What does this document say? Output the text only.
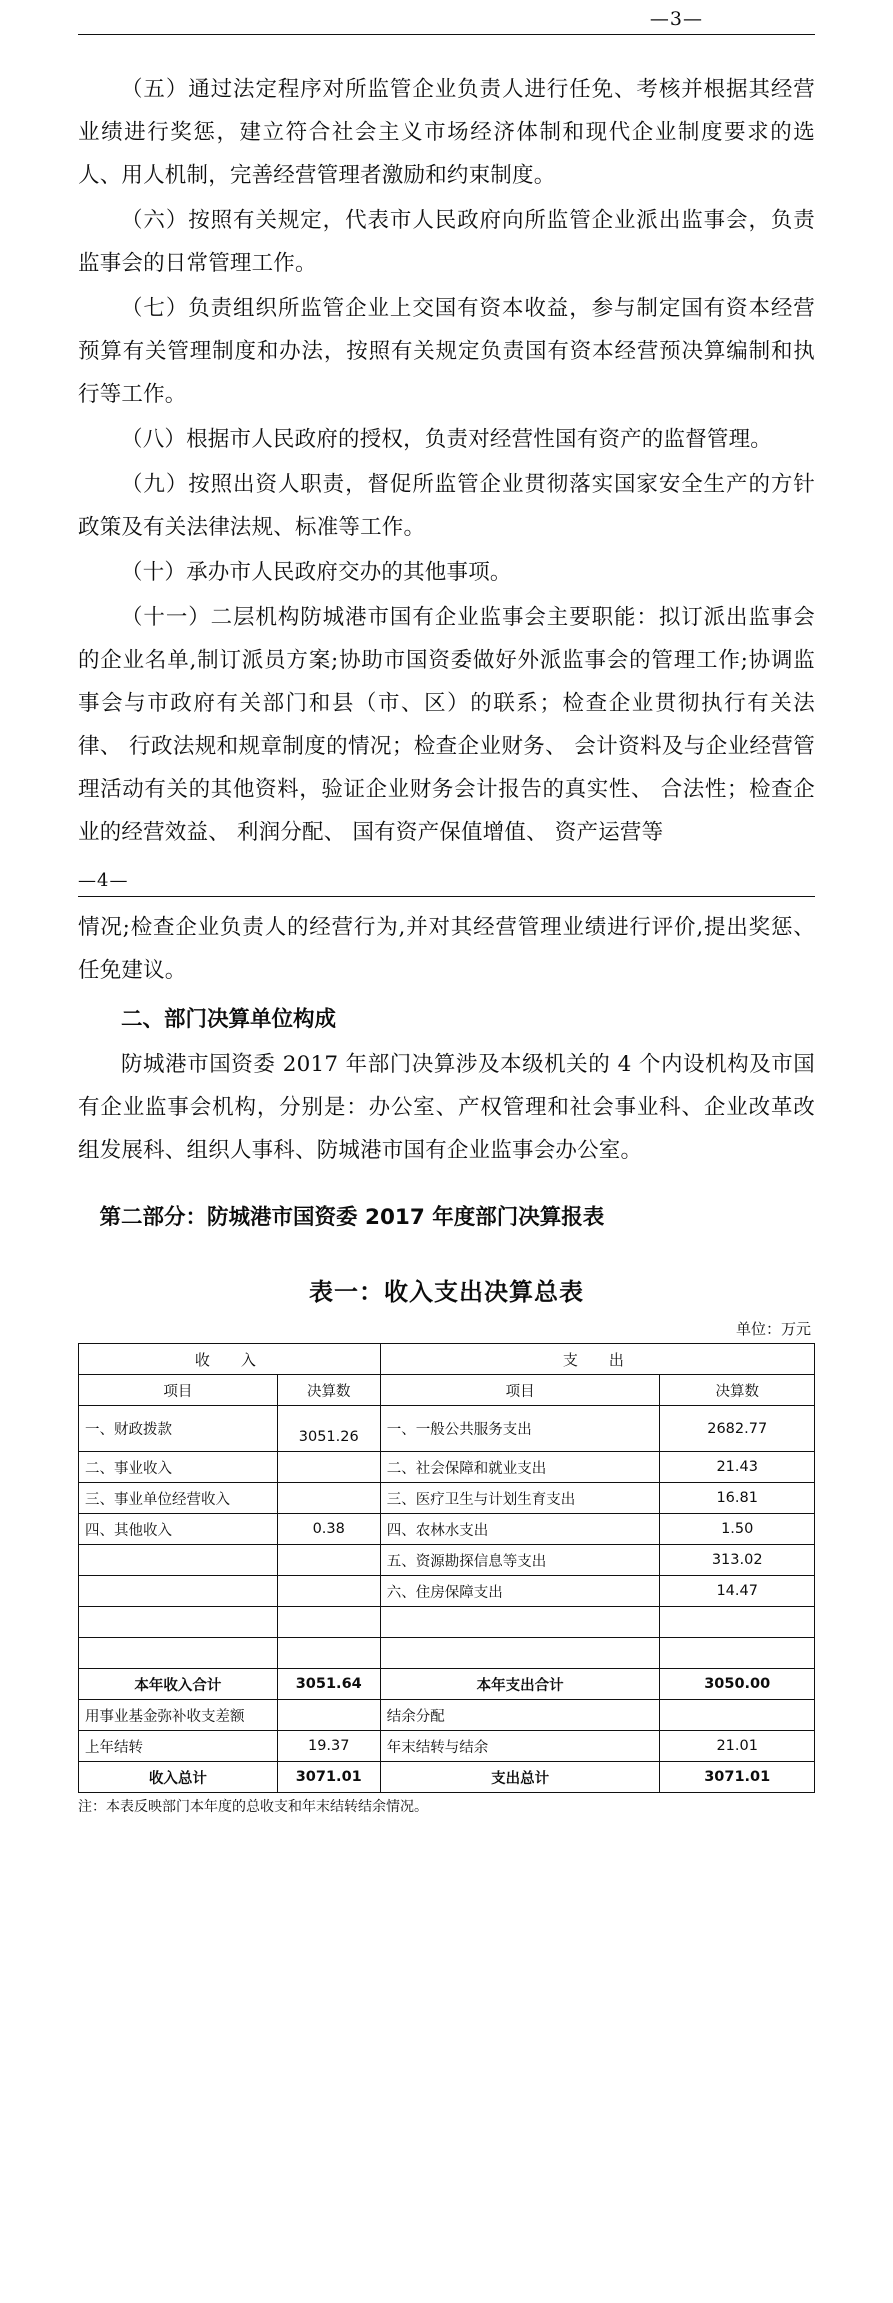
—3—

（五）通过法定程序对所监管企业负责人进行任免、考核并根据其经营业绩进行奖惩，建立符合社会主义市场经济体制和现代企业制度要求的选人、用人机制，完善经营管理者激励和约束制度。

（六）按照有关规定，代表市人民政府向所监管企业派出监事会，负责监事会的日常管理工作。

（七）负责组织所监管企业上交国有资本收益，参与制定国有资本经营预算有关管理制度和办法，按照有关规定负责国有资本经营预决算编制和执行等工作。

（八）根据市人民政府的授权，负责对经营性国有资产的监督管理。

（九）按照出资人职责，督促所监管企业贯彻落实国家安全生产的方针政策及有关法律法规、标准等工作。

（十）承办市人民政府交办的其他事项。

（十一）二层机构防城港市国有企业监事会主要职能：拟订派出监事会的企业名单,制订派员方案;协助市国资委做好外派监事会的管理工作;协调监事会与市政府有关部门和县（市、区）的联系；检查企业贯彻执行有关法律、 行政法规和规章制度的情况；检查企业财务、 会计资料及与企业经营管理活动有关的其他资料，验证企业财务会计报告的真实性、 合法性；检查企业的经营效益、 利润分配、 国有资产保值增值、 资产运营等

—4—

情况;检查企业负责人的经营行为,并对其经营管理业绩进行评价,提出奖惩、 任免建议。

二、部门决算单位构成

防城港市国资委 2017 年部门决算涉及本级机关的 4 个内设机构及市国有企业监事会机构，分别是：办公室、产权管理和社会事业科、企业改革改组发展科、组织人事科、防城港市国有企业监事会办公室。

第二部分：防城港市国资委 2017 年度部门决算报表
表一：收入支出决算总表
单位：万元
收　入		支　出	
项目	决算数	项目	决算数
一、财政拨款	3051.26	一、一般公共服务支出	2682.77
二、事业收入		二、社会保障和就业支出	21.43
三、事业单位经营收入		三、医疗卫生与计划生育支出	16.81
四、其他收入	0.38	四、农林水支出	1.50
		五、资源勘探信息等支出	313.02
		六、住房保障支出	14.47

本年收入合计	3051.64	本年支出合计	3050.00
用事业基金弥补收支差额		结余分配	
上年结转	19.37	年末结转与结余	21.01
收入总计	3071.01	支出总计	3071.01

注：本表反映部门本年度的总收支和年末结转结余情况。
